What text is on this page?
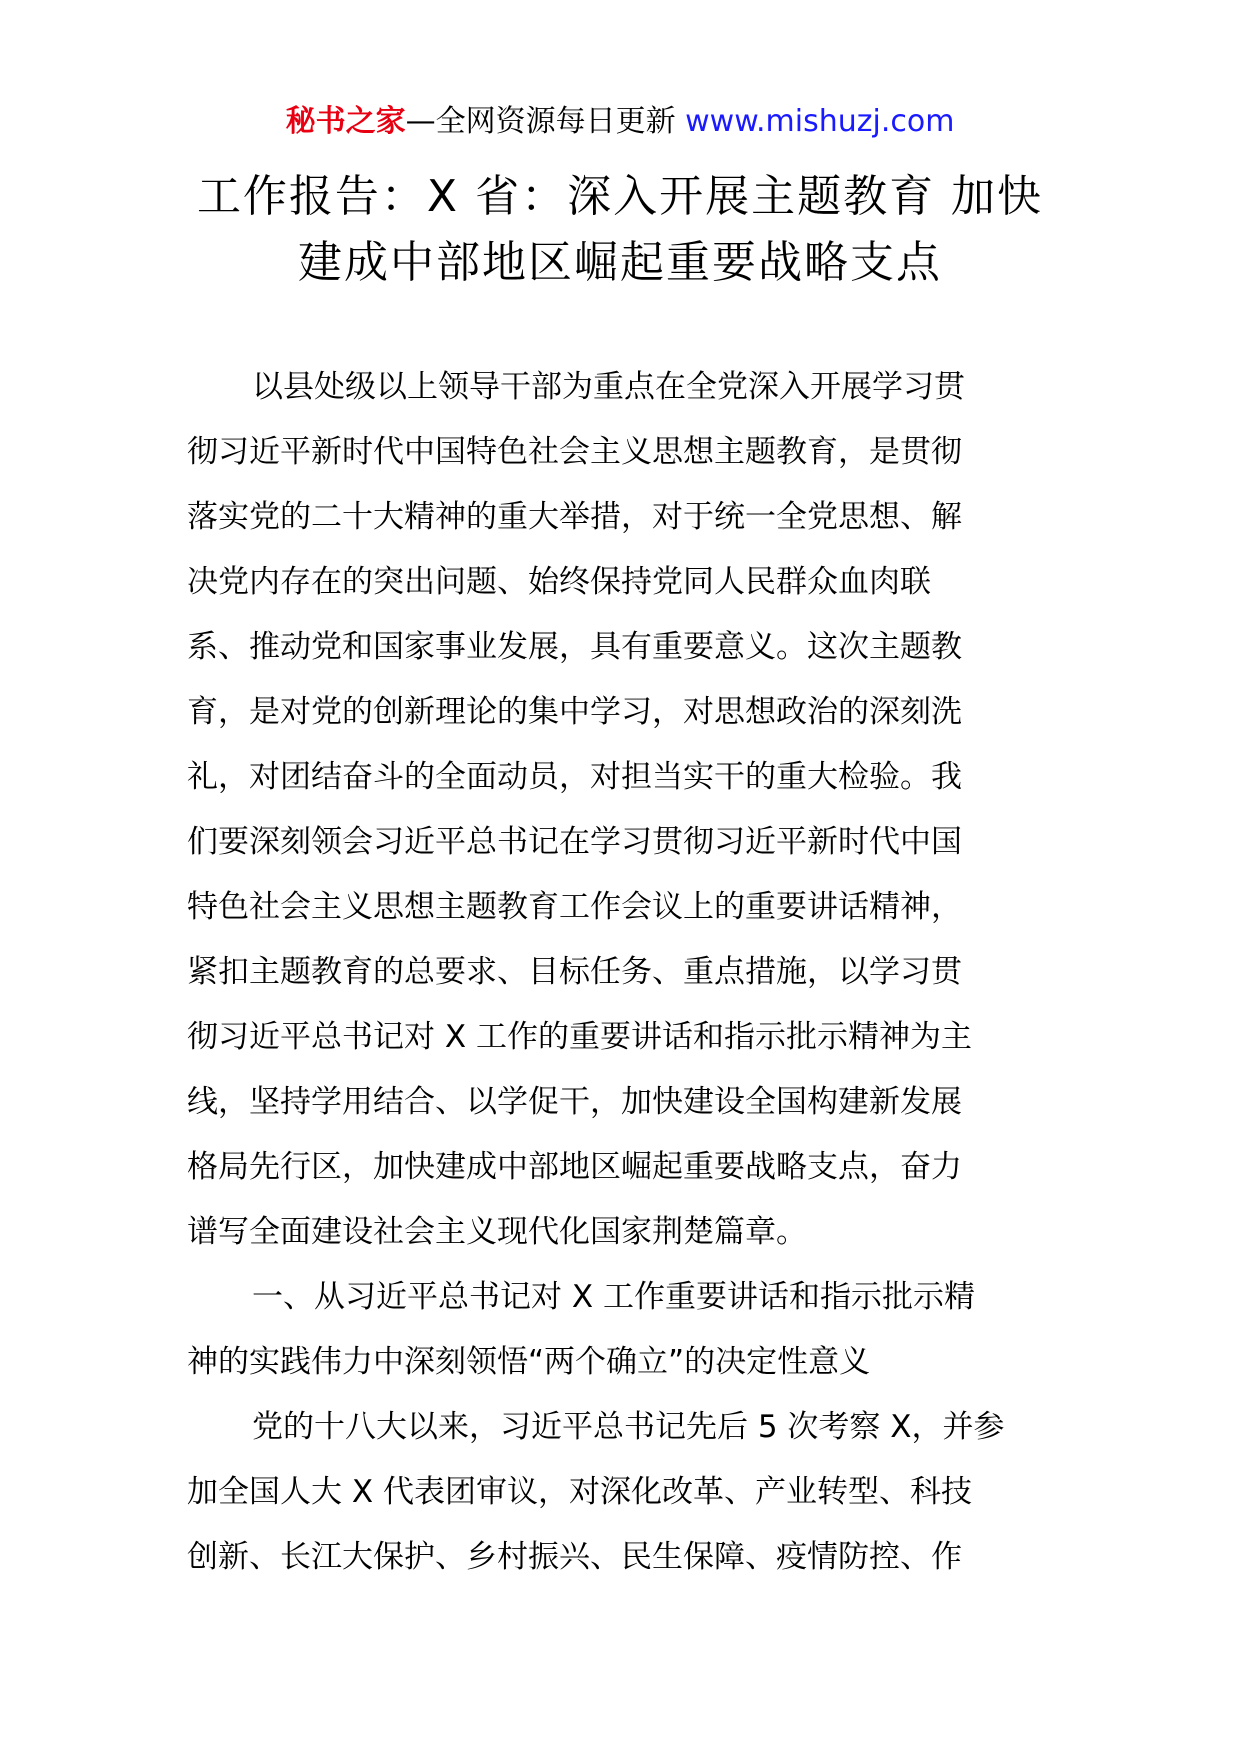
秘书之家—全网资源每日更新 www.mishuzj.com
工作报告：X 省：深入开展主题教育 加快
建成中部地区崛起重要战略支点
以县处级以上领导干部为重点在全党深入开展学习贯
彻习近平新时代中国特色社会主义思想主题教育，是贯彻
落实党的二十大精神的重大举措，对于统一全党思想、解
决党内存在的突出问题、始终保持党同人民群众血肉联
系、推动党和国家事业发展，具有重要意义。这次主题教
育，是对党的创新理论的集中学习，对思想政治的深刻洗
礼，对团结奋斗的全面动员，对担当实干的重大检验。我
们要深刻领会习近平总书记在学习贯彻习近平新时代中国
特色社会主义思想主题教育工作会议上的重要讲话精神，
紧扣主题教育的总要求、目标任务、重点措施，以学习贯
彻习近平总书记对 X 工作的重要讲话和指示批示精神为主
线，坚持学用结合、以学促干，加快建设全国构建新发展
格局先行区，加快建成中部地区崛起重要战略支点，奋力
谱写全面建设社会主义现代化国家荆楚篇章。
一、从习近平总书记对 X 工作重要讲话和指示批示精
神的实践伟力中深刻领悟“两个确立”的决定性意义
党的十八大以来，习近平总书记先后 5 次考察 X，并参
加全国人大 X 代表团审议，对深化改革、产业转型、科技
创新、长江大保护、乡村振兴、民生保障、疫情防控、作
